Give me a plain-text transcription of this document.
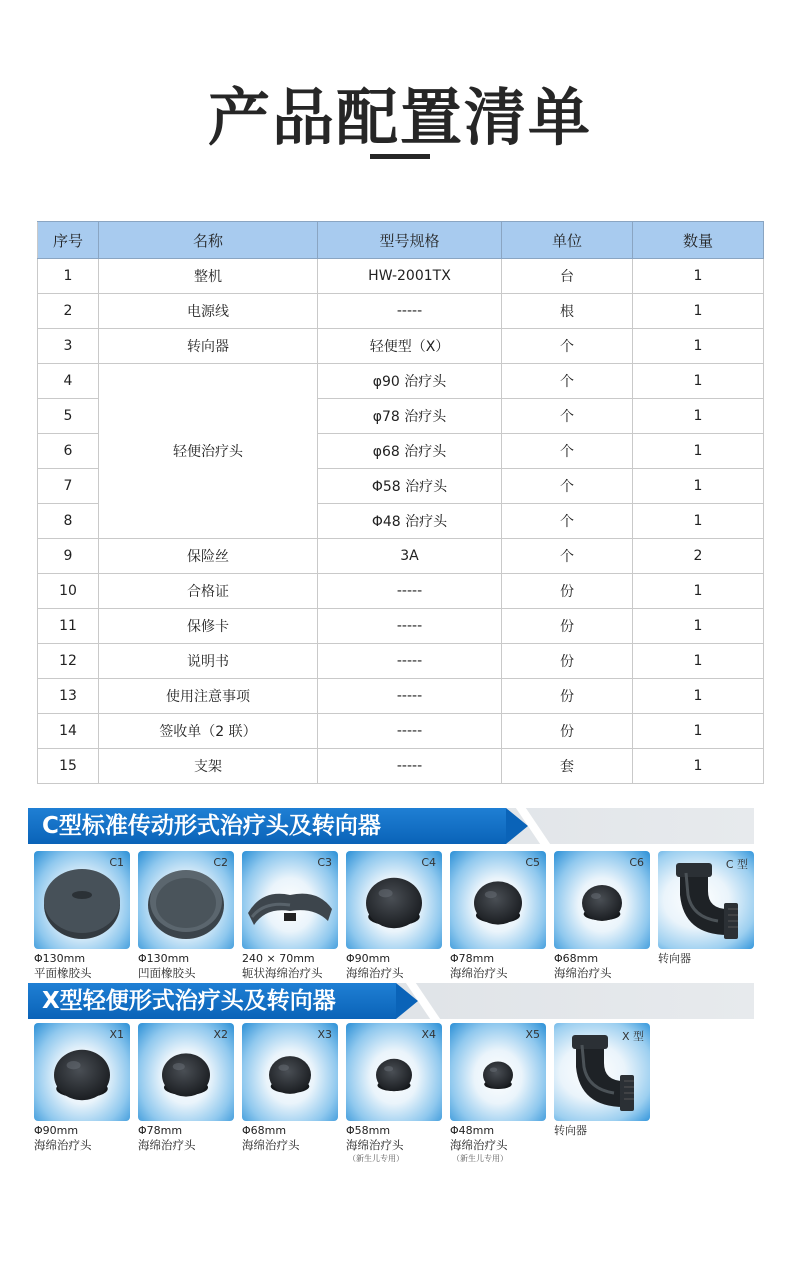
产品配置清单
序号	名称	型号规格	单位	数量
1	整机	HW-2001TX	台	1
2	电源线	-----	根	1
3	转向器	轻便型（X）	个	1
4	轻便治疗头	φ90 治疗头	个	1
5		φ78 治疗头	个	1
6		φ68 治疗头	个	1
7		Φ58 治疗头	个	1
8		Φ48 治疗头	个	1
9	保险丝	3A	个	2
10	合格证	-----	份	1
11	保修卡	-----	份	1
12	说明书	-----	份	1
13	使用注意事项	-----	份	1
14	签收单（2 联）	-----	份	1
15	支架	-----	套	1
C型标准传动形式治疗头及转向器
C1
Φ130mm
平面橡胶头
C2
Φ130mm
凹面橡胶头
C3
240 × 70mm
轭状海绵治疗头
C4
Φ90mm
海绵治疗头
C5
Φ78mm
海绵治疗头
C6
Φ68mm
海绵治疗头
C 型
转向器
X型轻便形式治疗头及转向器
X1
Φ90mm
海绵治疗头
X2
Φ78mm
海绵治疗头
X3
Φ68mm
海绵治疗头
X4
Φ58mm
海绵治疗头
（新生儿专用）
X5
Φ48mm
海绵治疗头
（新生儿专用）
X 型
转向器
